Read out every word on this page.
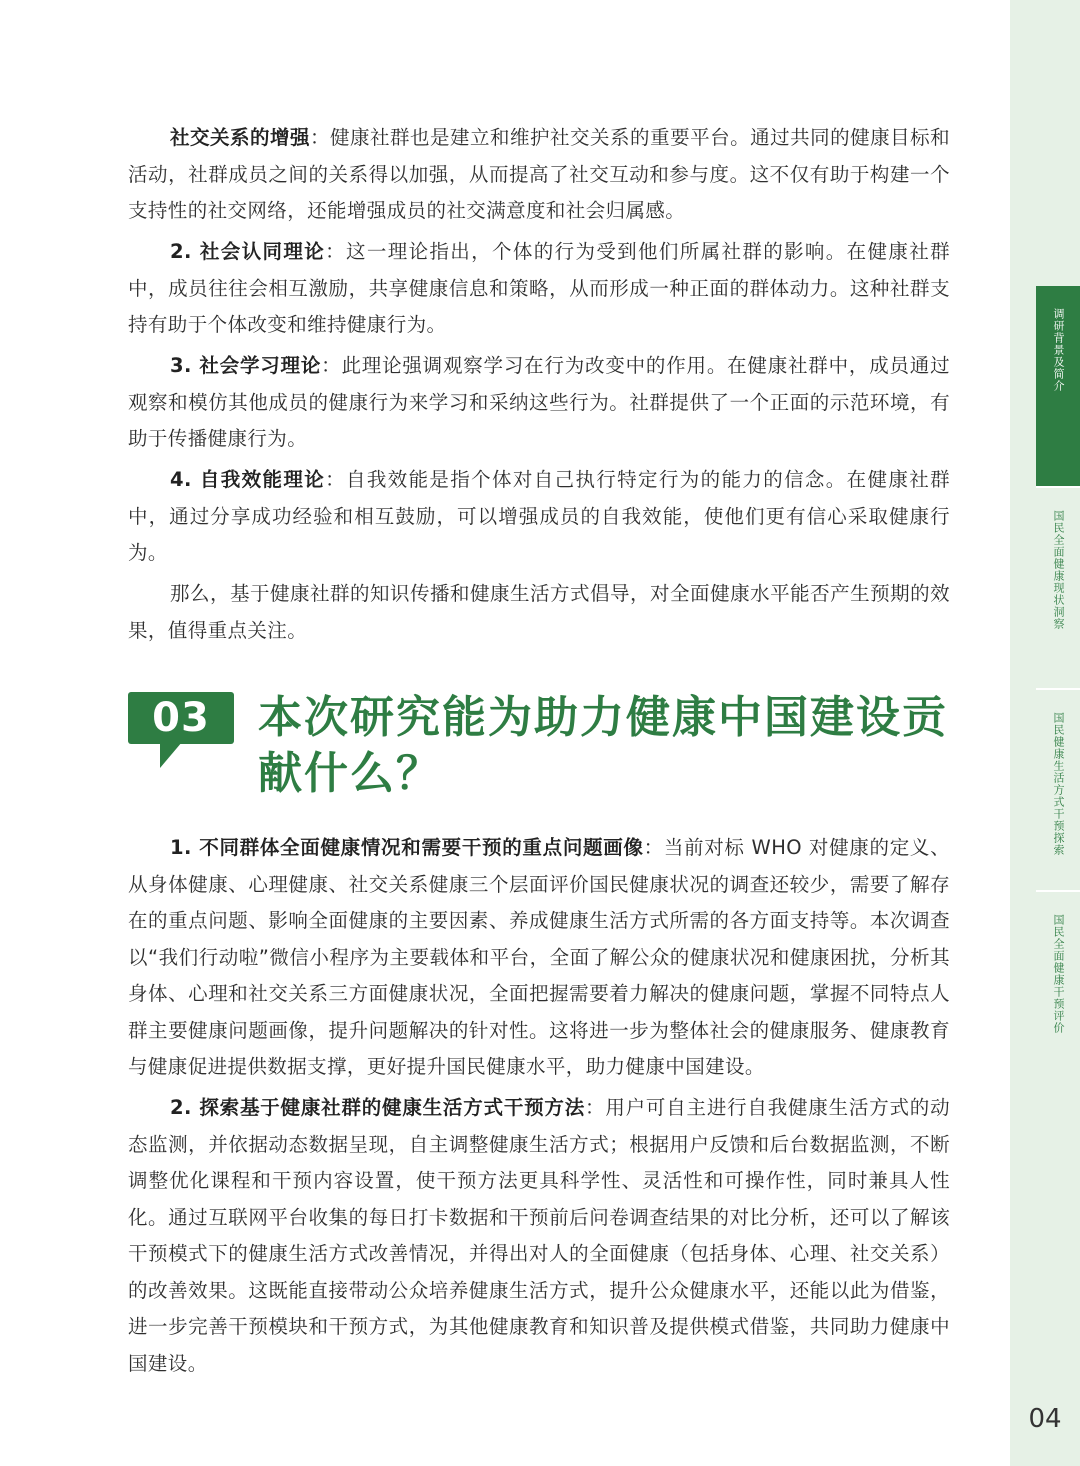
社交关系的增强：健康社群也是建立和维护社交关系的重要平台。通过共同的健康目标和活动，社群成员之间的关系得以加强，从而提高了社交互动和参与度。这不仅有助于构建一个支持性的社交网络，还能增强成员的社交满意度和社会归属感。

2. 社会认同理论：这一理论指出，个体的行为受到他们所属社群的影响。在健康社群中，成员往往会相互激励，共享健康信息和策略，从而形成一种正面的群体动力。这种社群支持有助于个体改变和维持健康行为。

3. 社会学习理论：此理论强调观察学习在行为改变中的作用。在健康社群中，成员通过观察和模仿其他成员的健康行为来学习和采纳这些行为。社群提供了一个正面的示范环境，有助于传播健康行为。

4. 自我效能理论：自我效能是指个体对自己执行特定行为的能力的信念。在健康社群中，通过分享成功经验和相互鼓励，可以增强成员的自我效能，使他们更有信心采取健康行为。

那么，基于健康社群的知识传播和健康生活方式倡导，对全面健康水平能否产生预期的效果，值得重点关注。

03	本次研究能为助力健康中国建设贡献什么？

1. 不同群体全面健康情况和需要干预的重点问题画像：当前对标 WHO 对健康的定义、从身体健康、心理健康、社交关系健康三个层面评价国民健康状况的调查还较少，需要了解存在的重点问题、影响全面健康的主要因素、养成健康生活方式所需的各方面支持等。本次调查以“我们行动啦”微信小程序为主要载体和平台，全面了解公众的健康状况和健康困扰，分析其身体、心理和社交关系三方面健康状况，全面把握需要着力解决的健康问题，掌握不同特点人群主要健康问题画像，提升问题解决的针对性。这将进一步为整体社会的健康服务、健康教育与健康促进提供数据支撑，更好提升国民健康水平，助力健康中国建设。

2. 探索基于健康社群的健康生活方式干预方法：用户可自主进行自我健康生活方式的动态监测，并依据动态数据呈现，自主调整健康生活方式；根据用户反馈和后台数据监测，不断调整优化课程和干预内容设置，使干预方法更具科学性、灵活性和可操作性，同时兼具人性化。通过互联网平台收集的每日打卡数据和干预前后问卷调查结果的对比分析，还可以了解该干预模式下的健康生活方式改善情况，并得出对人的全面健康（包括身体、心理、社交关系）的改善效果。这既能直接带动公众培养健康生活方式，提升公众健康水平，还能以此为借鉴，进一步完善干预模块和干预方式，为其他健康教育和知识普及提供模式借鉴，共同助力健康中国建设。

调研背景及简介
国民全面健康现状洞察
国民健康生活方式干预探索
国民全面健康干预评价
04
